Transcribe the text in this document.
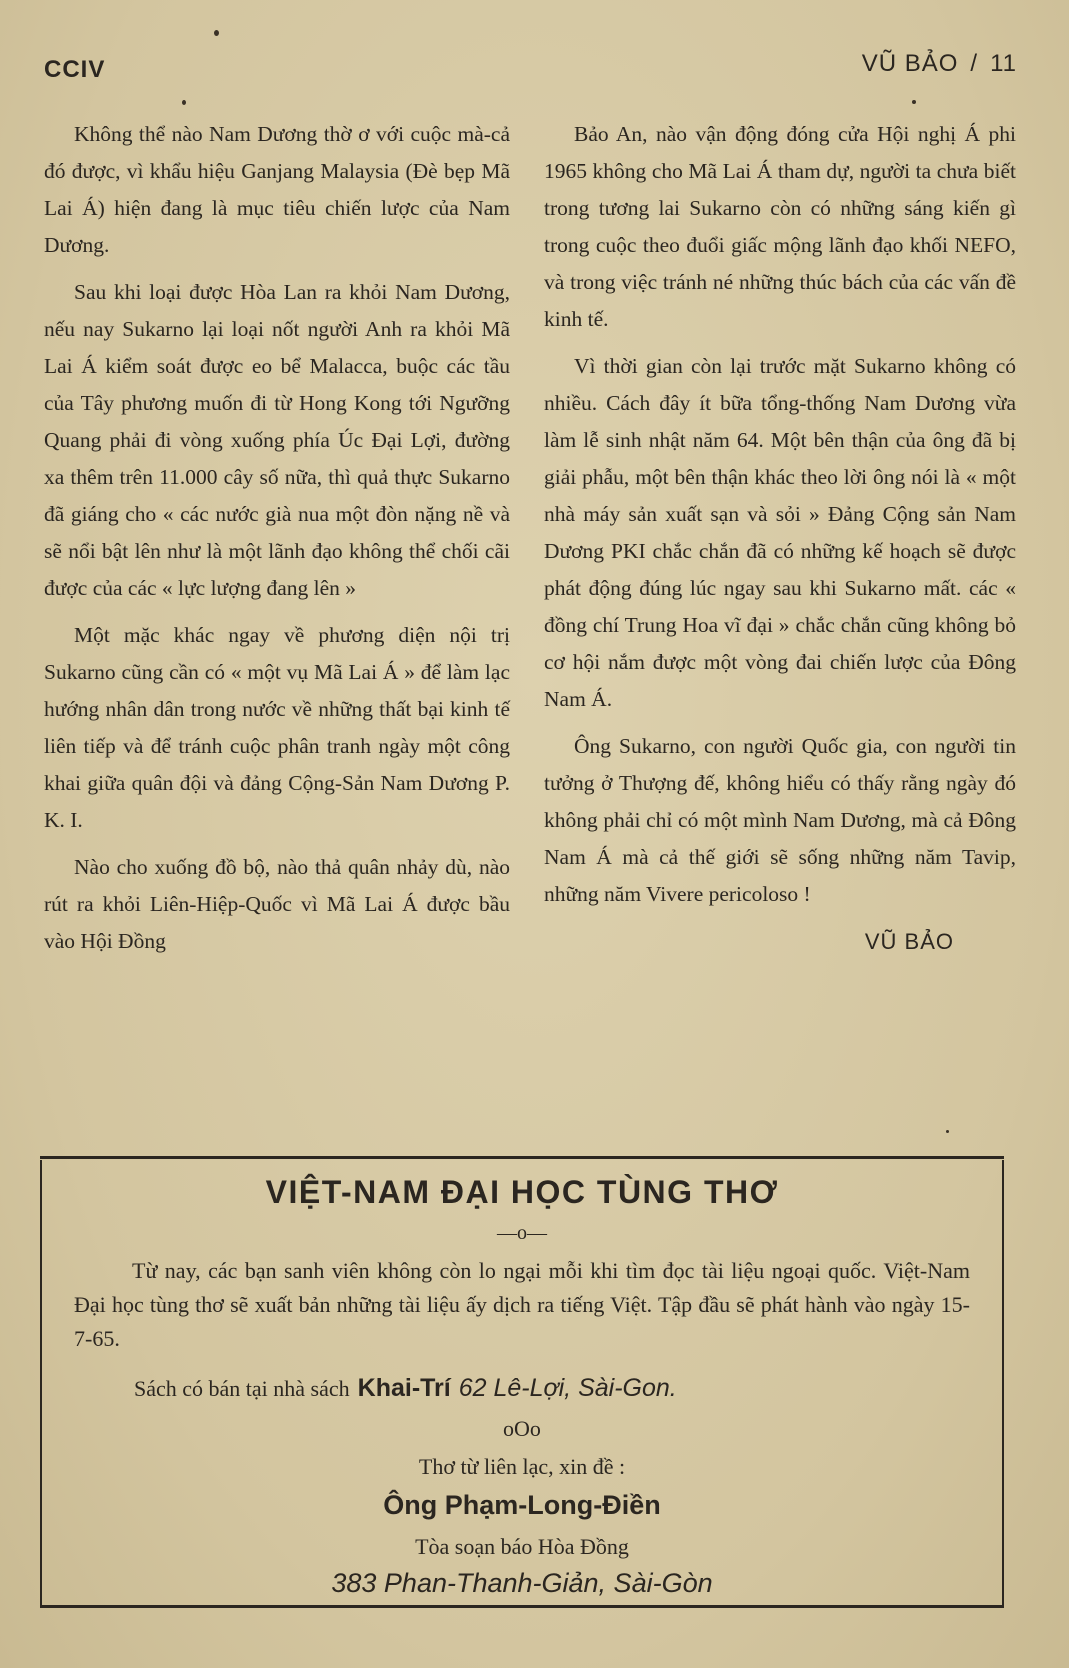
CCIV	VŨ BẢO / 11

Không thể nào Nam Dương thờ ơ với cuộc mà-cả đó được, vì khẩu hiệu Ganjang Malaysia (Đè bẹp Mã Lai Á) hiện đang là mục tiêu chiến lược của Nam Dương.

Sau khi loại được Hòa Lan ra khỏi Nam Dương, nếu nay Sukarno lại loại nốt người Anh ra khỏi Mã Lai Á kiểm soát được eo bể Malacca, buộc các tầu của Tây phương muốn đi từ Hong Kong tới Ngưỡng Quang phải đi vòng xuống phía Úc Đại Lợi, đường xa thêm trên 11.000 cây số nữa, thì quả thực Sukarno đã giáng cho « các nước già nua một đòn nặng nề và sẽ nổi bật lên như là một lãnh đạo không thể chối cãi được của các « lực lượng đang lên »

Một mặc khác ngay về phương diện nội trị Sukarno cũng cần có « một vụ Mã Lai Á » để làm lạc hướng nhân dân trong nước về những thất bại kinh tế liên tiếp và để tránh cuộc phân tranh ngày một công khai giữa quân đội và đảng Cộng-Sản Nam Dương P. K. I.

Nào cho xuống đồ bộ, nào thả quân nhảy dù, nào rút ra khỏi Liên-Hiệp-Quốc vì Mã Lai Á được bầu vào Hội Đồng

Bảo An, nào vận động đóng cửa Hội nghị Á phi 1965 không cho Mã Lai Á tham dự, người ta chưa biết trong tương lai Sukarno còn có những sáng kiến gì trong cuộc theo đuổi giấc mộng lãnh đạo khối NEFO, và trong việc tránh né những thúc bách của các vấn đề kinh tế.

Vì thời gian còn lại trước mặt Sukarno không có nhiều. Cách đây ít bữa tổng-thống Nam Dương vừa làm lễ sinh nhật năm 64. Một bên thận của ông đã bị giải phẫu, một bên thận khác theo lời ông nói là « một nhà máy sản xuất sạn và sỏi » Đảng Cộng sản Nam Dương PKI chắc chắn đã có những kế hoạch sẽ được phát động đúng lúc ngay sau khi Sukarno mất. các « đồng chí Trung Hoa vĩ đại » chắc chắn cũng không bỏ cơ hội nắm được một vòng đai chiến lược của Đông Nam Á.

Ông Sukarno, con người Quốc gia, con người tin tưởng ở Thượng đế, không hiểu có thấy rằng ngày đó không phải chỉ có một mình Nam Dương, mà cả Đông Nam Á mà cả thế giới sẽ sống những năm Tavip, những năm Vivere pericoloso !

VŨ BẢO
VIỆT-NAM ĐẠI HỌC TÙNG THƠ
—o—

Từ nay, các bạn sanh viên không còn lo ngại mỗi khi tìm đọc tài liệu ngoại quốc. Việt-Nam Đại học tùng thơ sẽ xuất bản những tài liệu ấy dịch ra tiếng Việt. Tập đầu sẽ phát hành vào ngày 15-7-65.

Sách có bán tại nhà sách Khai-Trí 62 Lê-Lợi, Sài-Gon.
oOo
Thơ từ liên lạc, xin đề :
Ông Phạm-Long-Điền
Tòa soạn báo Hòa Đồng
383 Phan-Thanh-Giản, Sài-Gòn
